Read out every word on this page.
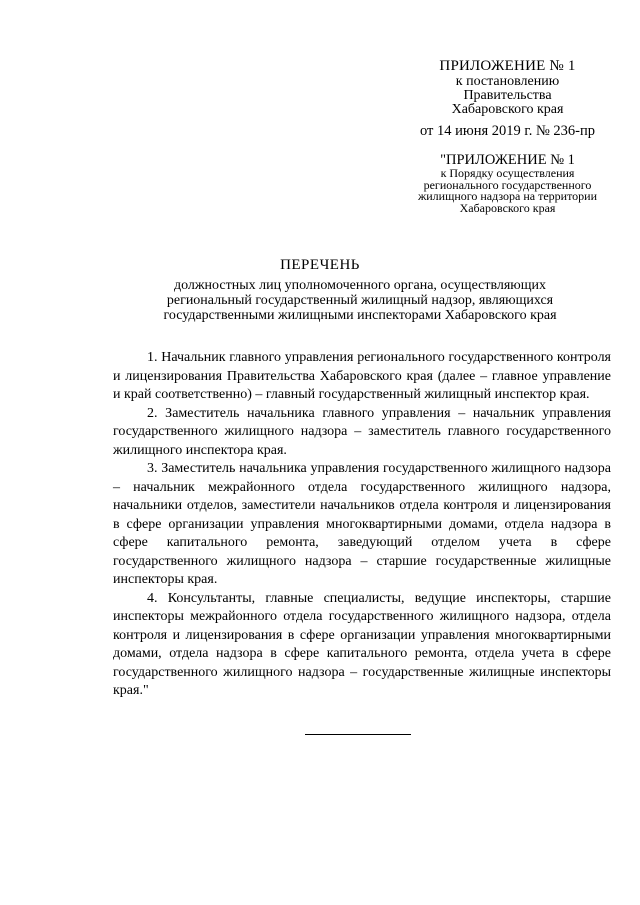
ПРИЛОЖЕНИЕ № 1
к постановлению
Правительства
Хабаровского края
от 14 июня 2019 г. № 236-пр
"ПРИЛОЖЕНИЕ № 1
к Порядку осуществления
регионального государственного
жилищного надзора на территории
Хабаровского края
ПЕРЕЧЕНЬ
должностных лиц уполномоченного органа, осуществляющих
региональный государственный жилищный надзор, являющихся
государственными жилищными инспекторами Хабаровского края

1. Начальник главного управления регионального государственного контроля и лицензирования Правительства Хабаровского края (далее – главное управление и край соответственно) – главный государственный жилищный инспектор края.

2. Заместитель начальника главного управления – начальник управления государственного жилищного надзора – заместитель главного государственного жилищного инспектора края.

3. Заместитель начальника управления государственного жилищного надзора – начальник межрайонного отдела государственного жилищного надзора, начальники отделов, заместители начальников отдела контроля и лицензирования в сфере организации управления многоквартирными домами, отдела надзора в сфере капитального ремонта, заведующий отделом учета в сфере государственного жилищного надзора – старшие государственные жилищные инспекторы края.

4. Консультанты, главные специалисты, ведущие инспекторы, старшие инспекторы межрайонного отдела государственного жилищного надзора, отдела контроля и лицензирования в сфере организации управления многоквартирными домами, отдела надзора в сфере капитального ремонта, отдела учета в сфере государственного жилищного надзора – государственные жилищные инспекторы края."
